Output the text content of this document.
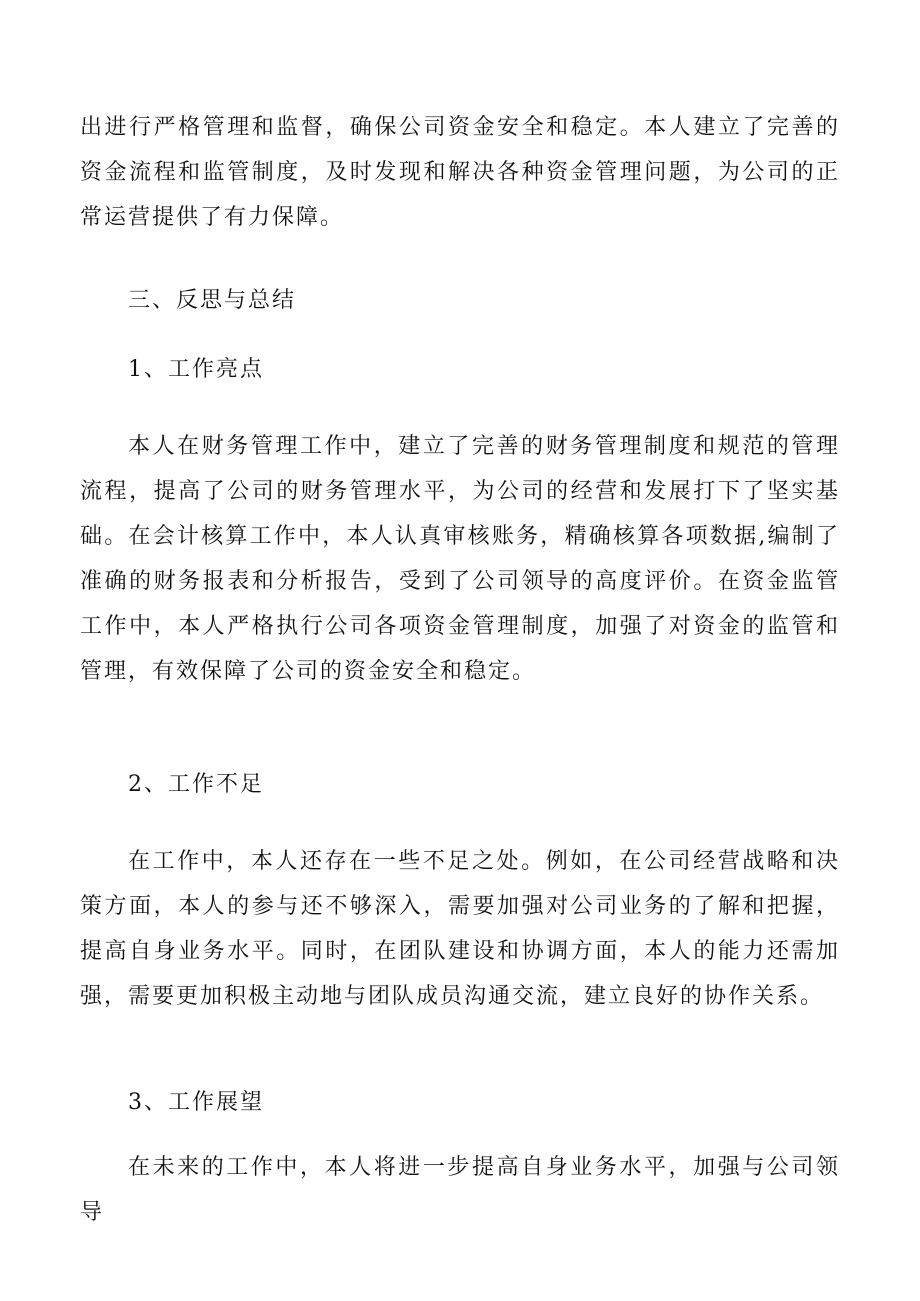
出进行严格管理和监督，确保公司资金安全和稳定。本人建立了完善的资金流程和监管制度，及时发现和解决各种资金管理问题，为公司的正常运营提供了有力保障。

三、反思与总结
1、工作亮点

本人在财务管理工作中，建立了完善的财务管理制度和规范的管理流程，提高了公司的财务管理水平，为公司的经营和发展打下了坚实基础。在会计核算工作中，本人认真审核账务，精确核算各项数据,编制了准确的财务报表和分析报告，受到了公司领导的高度评价。在资金监管工作中，本人严格执行公司各项资金管理制度，加强了对资金的监管和管理，有效保障了公司的资金安全和稳定。

2、工作不足

在工作中，本人还存在一些不足之处。例如，在公司经营战略和决策方面，本人的参与还不够深入，需要加强对公司业务的了解和把握，提高自身业务水平。同时，在团队建设和协调方面，本人的能力还需加强，需要更加积极主动地与团队成员沟通交流，建立良好的协作关系。

3、工作展望

在未来的工作中，本人将进一步提高自身业务水平，加强与公司领导
